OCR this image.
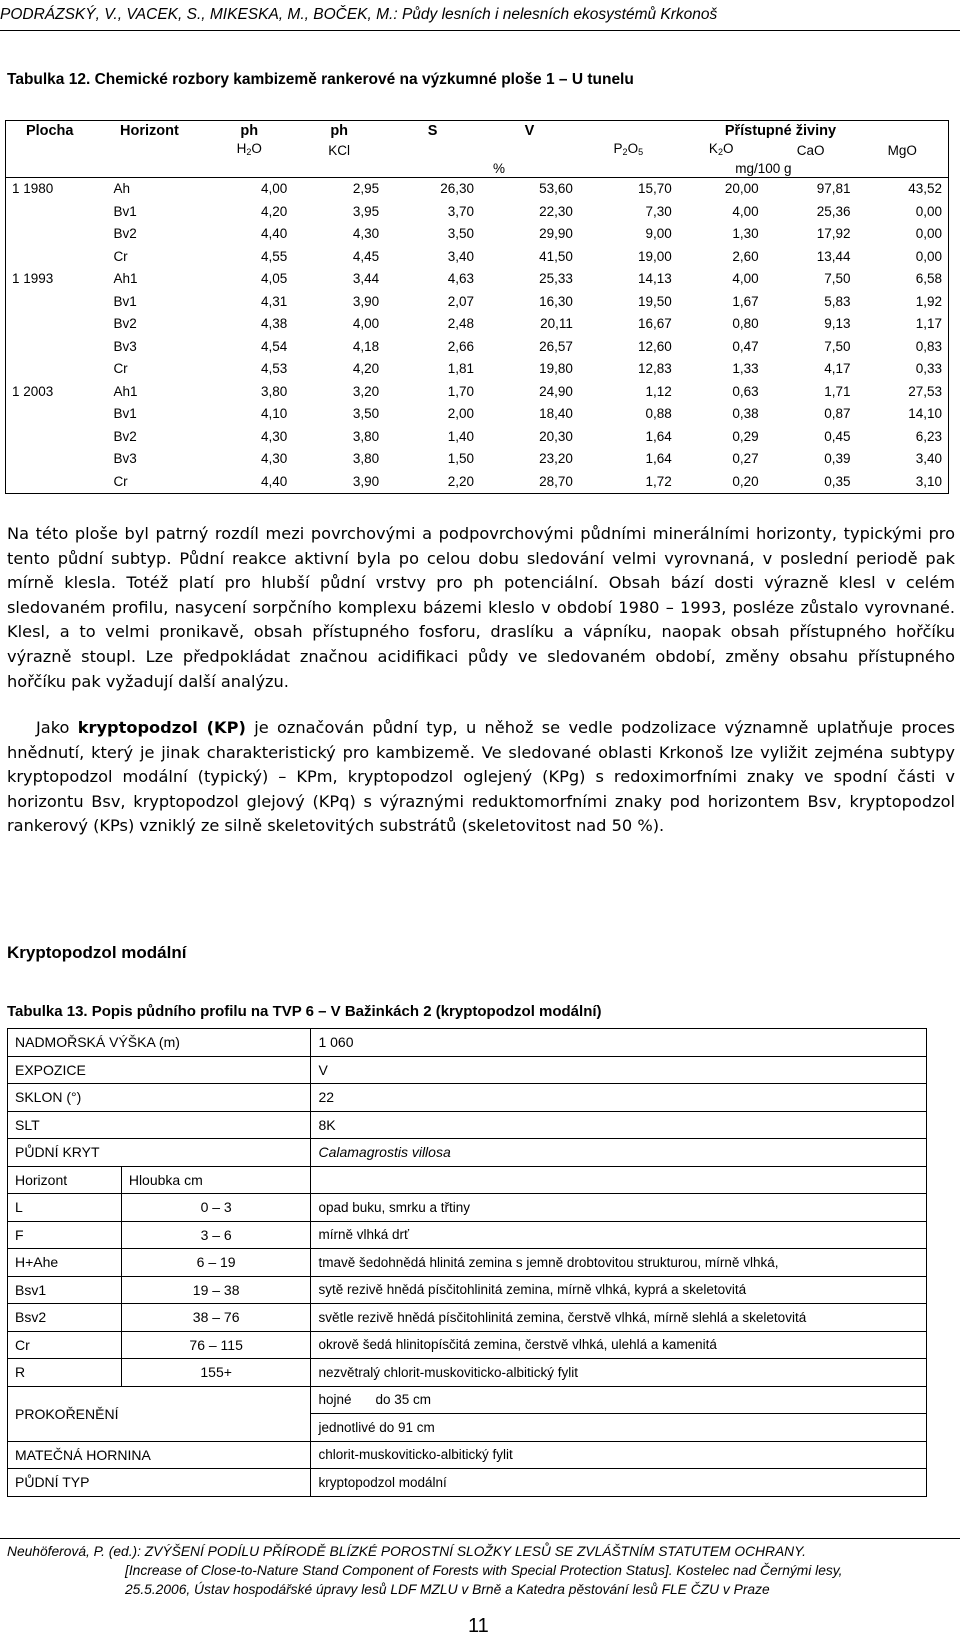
PODRÁZSKÝ, V., VACEK, S., MIKESKA, M., BOČEK, M.: Půdy lesních i nelesních ekosystémů Krkonoš
Tabulka 12. Chemické rozbory kambizemě rankerové na výzkumné ploše 1 – U tunelu
Plocha	Horizont	ph	ph	S	V	Přístupné živiny			
		$H_2O$	KCl			$P_2O_5$	$K_2O$	CaO	MgO
				%		mg/100 g			
1 1980	Ah	4,00	2,95	26,30	53,60	15,70	20,00	97,81	43,52
	Bv1	4,20	3,95	3,70	22,30	7,30	4,00	25,36	0,00
	Bv2	4,40	4,30	3,50	29,90	9,00	1,30	17,92	0,00
	Cr	4,55	4,45	3,40	41,50	19,00	2,60	13,44	0,00
1 1993	Ah1	4,05	3,44	4,63	25,33	14,13	4,00	7,50	6,58
	Bv1	4,31	3,90	2,07	16,30	19,50	1,67	5,83	1,92
	Bv2	4,38	4,00	2,48	20,11	16,67	0,80	9,13	1,17
	Bv3	4,54	4,18	2,66	26,57	12,60	0,47	7,50	0,83
	Cr	4,53	4,20	1,81	19,80	12,83	1,33	4,17	0,33
1 2003	Ah1	3,80	3,20	1,70	24,90	1,12	0,63	1,71	27,53
	Bv1	4,10	3,50	2,00	18,40	0,88	0,38	0,87	14,10
	Bv2	4,30	3,80	1,40	20,30	1,64	0,29	0,45	6,23
	Bv3	4,30	3,80	1,50	23,20	1,64	0,27	0,39	3,40
	Cr	4,40	3,90	2,20	28,70	1,72	0,20	0,35	3,10

Na této ploše byl patrný rozdíl mezi povrchovými a podpovrchovými půdními minerálními horizonty, typickými pro tento půdní subtyp. Půdní reakce aktivní byla po celou dobu sledování velmi vyrovnaná, v poslední periodě pak mírně klesla. Totéž platí pro hlubší půdní vrstvy pro ph potenciální. Obsah bází dosti výrazně klesl v celém sledovaném profilu, nasycení sorpčního komplexu bázemi kleslo v období 1980 – 1993, posléze zůstalo vyrovnané. Klesl, a to velmi pronikavě, obsah přístupného fosforu, draslíku a vápníku, naopak obsah přístupného hořčíku výrazně stoupl. Lze předpokládat značnou acidifikaci půdy ve sledovaném období, změny obsahu přístupného hořčíku pak vyžadují další analýzu.

Jako kryptopodzol (KP) je označován půdní typ, u něhož se vedle podzolizace významně uplatňuje proces hnědnutí, který je jinak charakteristický pro kambizemě. Ve sledované oblasti Krkonoš lze vyližit zejména subtypy kryptopodzol modální (typický) – KPm, kryptopodzol oglejený (KPg) s redoximorfními znaky ve spodní části v horizontu Bsv, kryptopodzol glejový (KPq) s výraznými reduktomorfními znaky pod horizontem Bsv, kryptopodzol rankerový (KPs) vzniklý ze silně skeletovitých substrátů (skeletovitost nad 50 %).

Kryptopodzol modální
Tabulka 13. Popis půdního profilu na TVP 6 – V Bažinkách 2 (kryptopodzol modální)
NADMOŘSKÁ VÝŠKA (m)		1 060
EXPOZICE		V
SKLON (°)		22
SLT		8K
PŮDNÍ KRYT		Calamagrostis villosa
Horizont	Hloubka cm	
L	0 – 3	opad buku, smrku a třtiny
F	3 – 6	mírně vlhká drť
H+Ahe	6 – 19	tmavě šedohnědá hlinitá zemina s jemně drobtovitou strukturou, mírně vlhká,
Bsv1	19 – 38	sytě rezivě hnědá písčitohlinitá zemina, mírně vlhká, kyprá a skeletovitá
Bsv2	38 – 76	světle rezivě hnědá písčitohlinitá zemina, čerstvě vlhká, mírně slehlá a skeletovitá
Cr	76 – 115	okrově šedá hlinitopísčitá zemina, čerstvě vlhká, ulehlá a kamenitá
R	155+	nezvětralý chlorit-muskoviticko-albitický fylit
PROKOŘENĚNÍ		hojné do 35 cm
		jednotlivé do 91 cm
MATEČNÁ HORNINA		chlorit-muskoviticko-albitický fylit
PŮDNÍ TYP		kryptopodzol modální
Neuhöferová, P. (ed.): ZVÝŠENÍ PODÍLU PŘÍRODĚ BLÍZKÉ POROSTNÍ SLOŽKY LESŮ SE ZVLÁŠTNÍM STATUTEM OCHRANY.
[Increase of Close-to-Nature Stand Component of Forests with Special Protection Status]. Kostelec nad Černými lesy,
25.5.2006, Ústav hospodářské úpravy lesů LDF MZLU v Brně a Katedra pěstování lesů FLE ČZU v Praze
11
